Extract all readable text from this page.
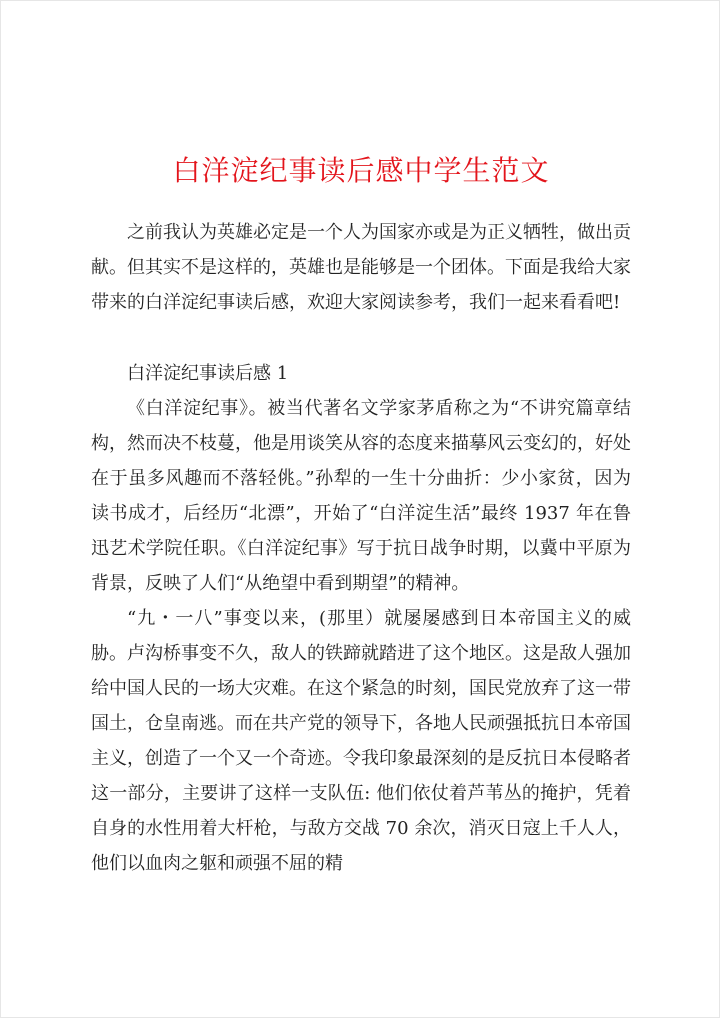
白洋淀纪事读后感中学生范文

之前我认为英雄必定是一个人为国家亦或是为正义牺牲，做出贡献。但其实不是这样的，英雄也是能够是一个团体。下面是我给大家带来的白洋淀纪事读后感，欢迎大家阅读参考，我们一起来看看吧!

白洋淀纪事读后感 1

《白洋淀纪事》。被当代著名文学家茅盾称之为“不讲究篇章结构，然而决不枝蔓，他是用谈笑从容的态度来描摹风云变幻的，好处在于虽多风趣而不落轻佻。”孙犁的一生十分曲折：少小家贫，因为读书成才，后经历“北漂”，开始了“白洋淀生活”最终 1937 年在鲁迅艺术学院任职。《白洋淀纪事》写于抗日战争时期，以冀中平原为背景，反映了人们“从绝望中看到期望”的精神。

“九・一八”事变以来，(那里）就屡屡感到日本帝国主义的威胁。卢沟桥事变不久，敌人的铁蹄就踏进了这个地区。这是敌人强加给中国人民的一场大灾难。在这个紧急的时刻，国民党放弃了这一带国土，仓皇南逃。而在共产党的领导下，各地人民顽强抵抗日本帝国主义，创造了一个又一个奇迹。令我印象最深刻的是反抗日本侵略者这一部分，主要讲了这样一支队伍: 他们依仗着芦苇丛的掩护，凭着自身的水性用着大杆枪，与敌方交战 70 余次，消灭日寇上千人人，他们以血肉之躯和顽强不屈的精
